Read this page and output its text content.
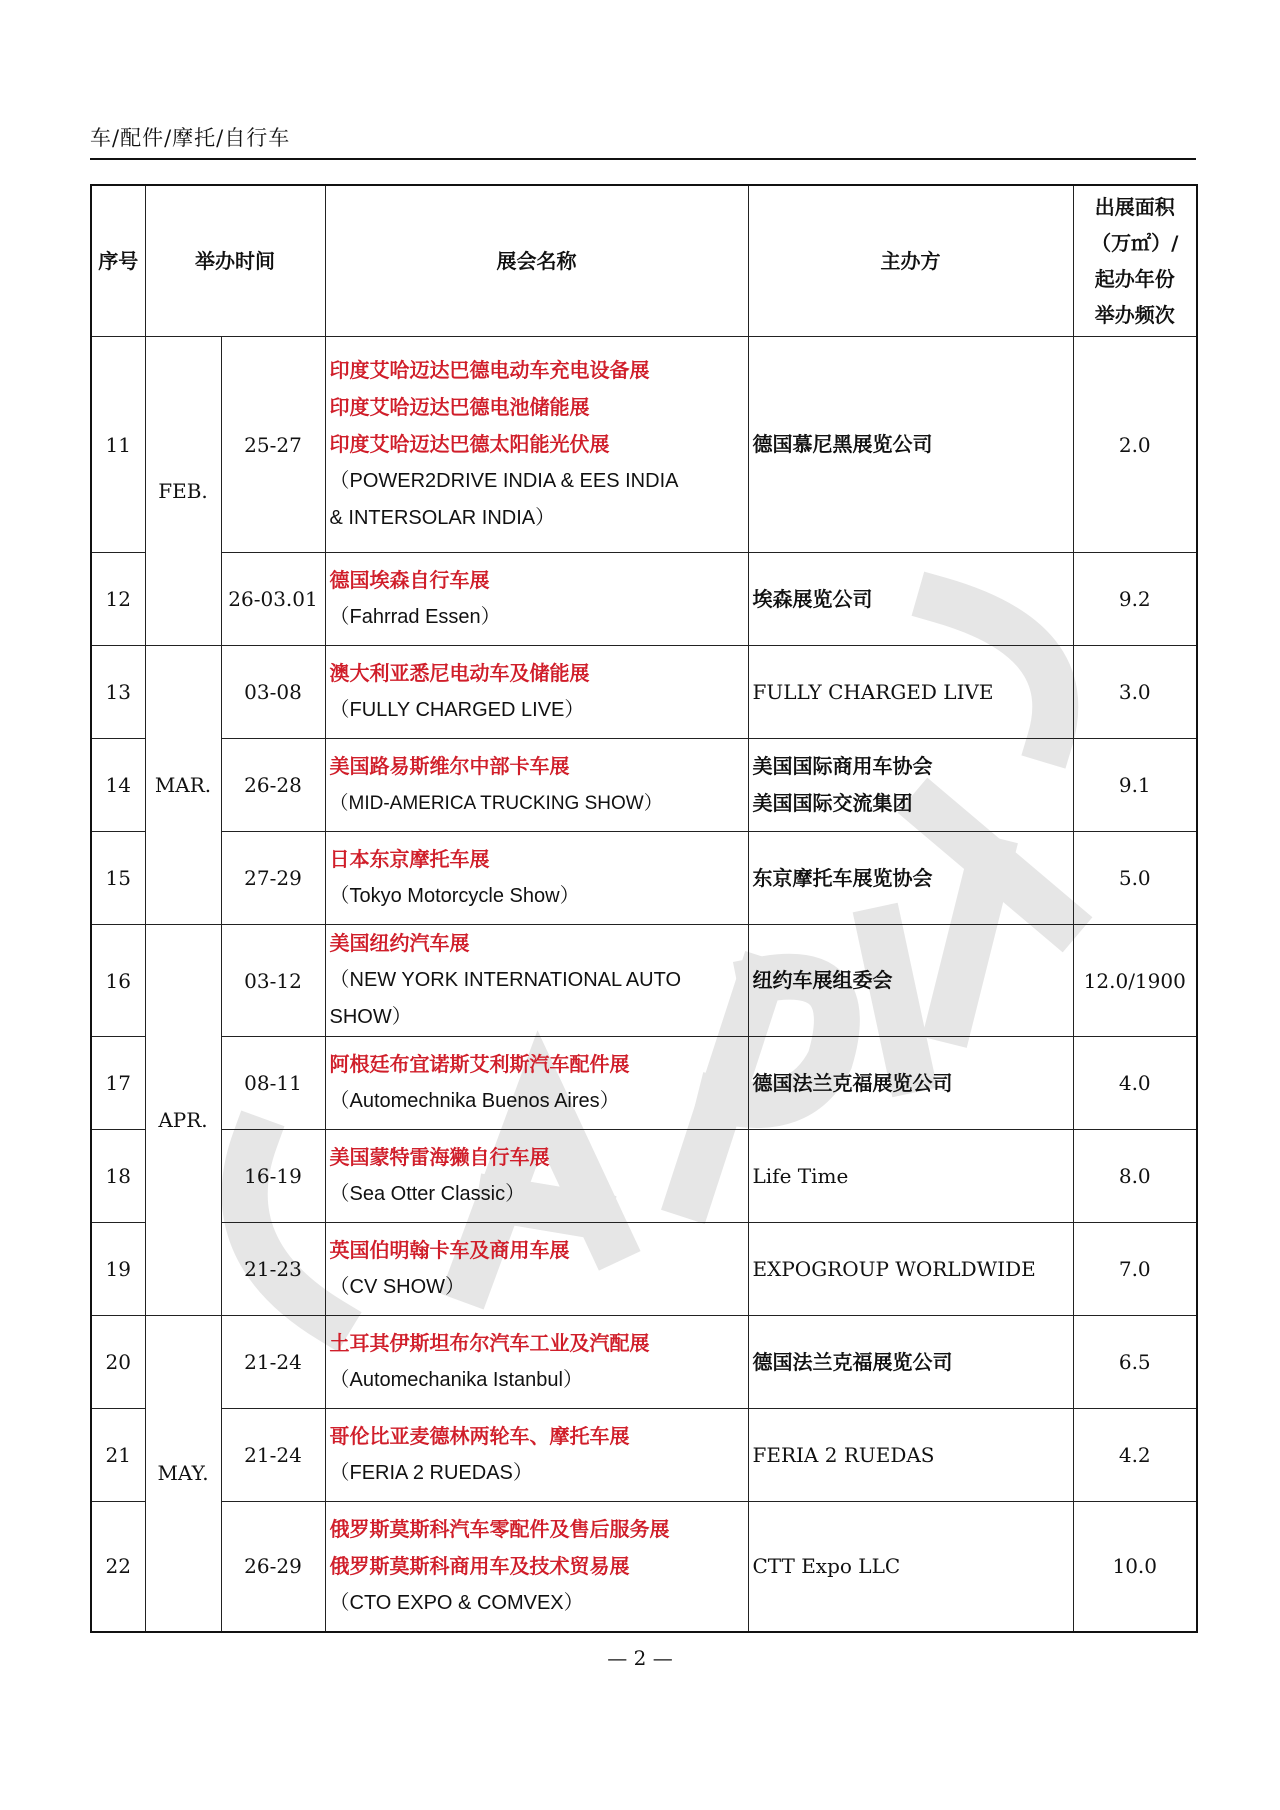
车/配件/摩托/自行车
序号	举办时间		展会名称	主办方	出展面积
（万㎡）/
起办年份
举办频次

11	FEB.	25-27	印度艾哈迈达巴德电动车充电设备展
印度艾哈迈达巴德电池储能展
印度艾哈迈达巴德太阳能光伏展
（POWER2DRIVE INDIA & EES INDIA
& INTERSOLAR INDIA）	德国慕尼黑展览公司	2.0
12		26-03.01	德国埃森自行车展
（Fahrrad Essen）	埃森展览公司	9.2
13	MAR.	03-08	澳大利亚悉尼电动车及储能展
（FULLY CHARGED LIVE）	FULLY CHARGED LIVE	3.0
14		26-28	美国路易斯维尔中部卡车展
（MID-AMERICA TRUCKING SHOW）	美国国际商用车协会
美国国际交流集团	9.1
15		27-29	日本东京摩托车展
（Tokyo Motorcycle Show）	东京摩托车展览协会	5.0
16	APR.	03-12	美国纽约汽车展
（NEW YORK INTERNATIONAL AUTO
SHOW）	纽约车展组委会	12.0/1900
17		08-11	阿根廷布宜诺斯艾利斯汽车配件展
（Automechnika Buenos Aires）	德国法兰克福展览公司	4.0
18		16-19	美国蒙特雷海獭自行车展
（Sea Otter Classic）	Life Time	8.0
19		21-23	英国伯明翰卡车及商用车展
（CV SHOW）	EXPOGROUP WORLDWIDE	7.0
20	MAY.	21-24	土耳其伊斯坦布尔汽车工业及汽配展
（Automechanika Istanbul）	德国法兰克福展览公司	6.5
21		21-24	哥伦比亚麦德林两轮车、摩托车展
（FERIA 2 RUEDAS）	FERIA 2 RUEDAS	4.2
22		26-29	俄罗斯莫斯科汽车零配件及售后服务展
俄罗斯莫斯科商用车及技术贸易展
（CTO EXPO & COMVEX）	CTT Expo LLC	10.0
— 2 —
